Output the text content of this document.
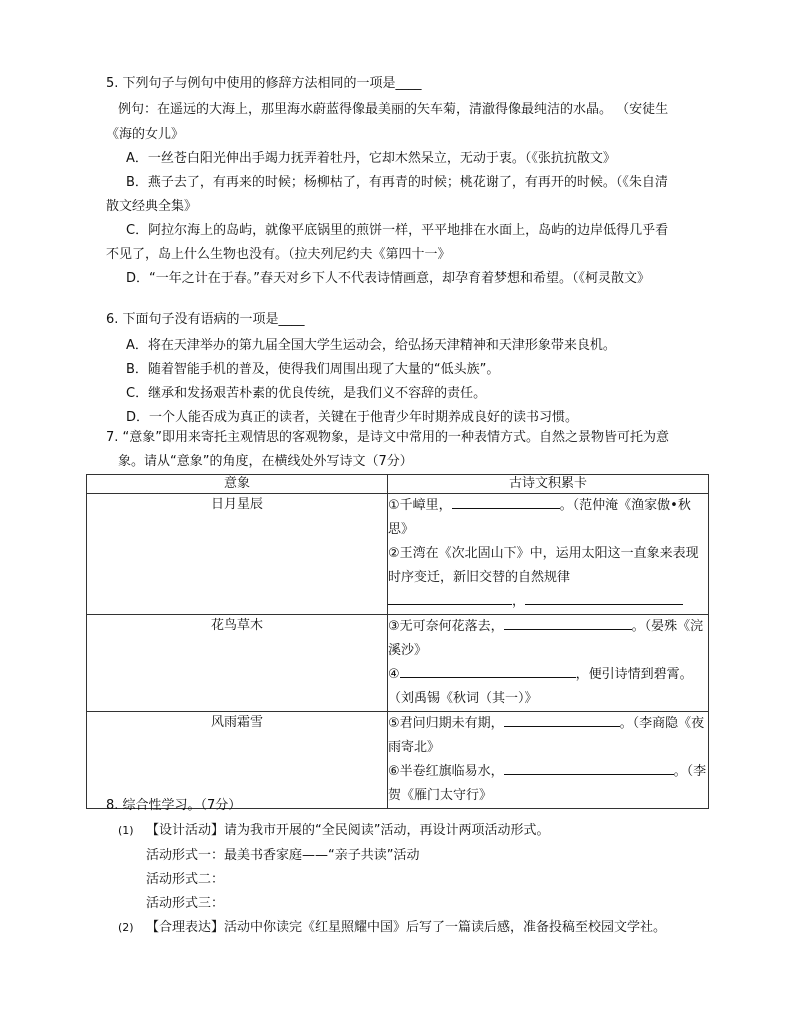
5. 下列句子与例句中使用的修辞方法相同的一项是____
例句：在遥远的大海上，那里海水蔚蓝得像最美丽的矢车菊，清澈得像最纯洁的水晶。 （安徒生
《海的女儿》
A．一丝苍白阳光伸出手竭力抚弄着牡丹，它却木然呆立，无动于衷。（《张抗抗散文》
B．燕子去了，有再来的时候；杨柳枯了，有再青的时候；桃花谢了，有再开的时候。（《朱自清
散文经典全集》
C．阿拉尔海上的岛屿，就像平底锅里的煎饼一样，平平地排在水面上，岛屿的边岸低得几乎看
不见了，岛上什么生物也没有。（拉夫列尼约夫《第四十一》
D．“一年之计在于春。”春天对乡下人不代表诗情画意，却孕育着梦想和希望。（《柯灵散文》
6. 下面句子没有语病的一项是____
A．将在天津举办的第九届全国大学生运动会，给弘扬天津精神和天津形象带来良机。
B．随着智能手机的普及，使得我们周围出现了大量的“低头族”。
C．继承和发扬艰苦朴素的优良传统，是我们义不容辞的责任。
D．一个人能否成为真正的读者，关键在于他青少年时期养成良好的读书习惯。
7. “意象”即用来寄托主观情思的客观物象，是诗文中常用的一种表情方式。自然之景物皆可托为意
象。请从“意象”的角度，在横线处外写诗文（7分）
意象	古诗文积累卡
日月星辰	①千嶂里， 。（范仲淹《渔家傲•秋思》
②王湾在《次北固山下》中，运用太阳这一直象来表现时序变迁，新旧交替的自然规律
，

花鸟草木	③无可奈何花落去， 。（晏殊《浣溪沙》
④ ，便引诗情到碧霄。（刘禹锡《秋词（其一）》

风雨霜雪	⑤君问归期未有期， 。（李商隐《夜雨寄北》
⑥半卷红旗临易水， 。（李贺《雁门太守行》
8. 综合性学习。（7分）
(1) 【设计活动】请为我市开展的“全民阅读”活动，再设计两项活动形式。
活动形式一：最美书香家庭——“亲子共读”活动
活动形式二：
活动形式三：
(2) 【合理表达】活动中你读完《红星照耀中国》后写了一篇读后感，准备投稿至校园文学社。
